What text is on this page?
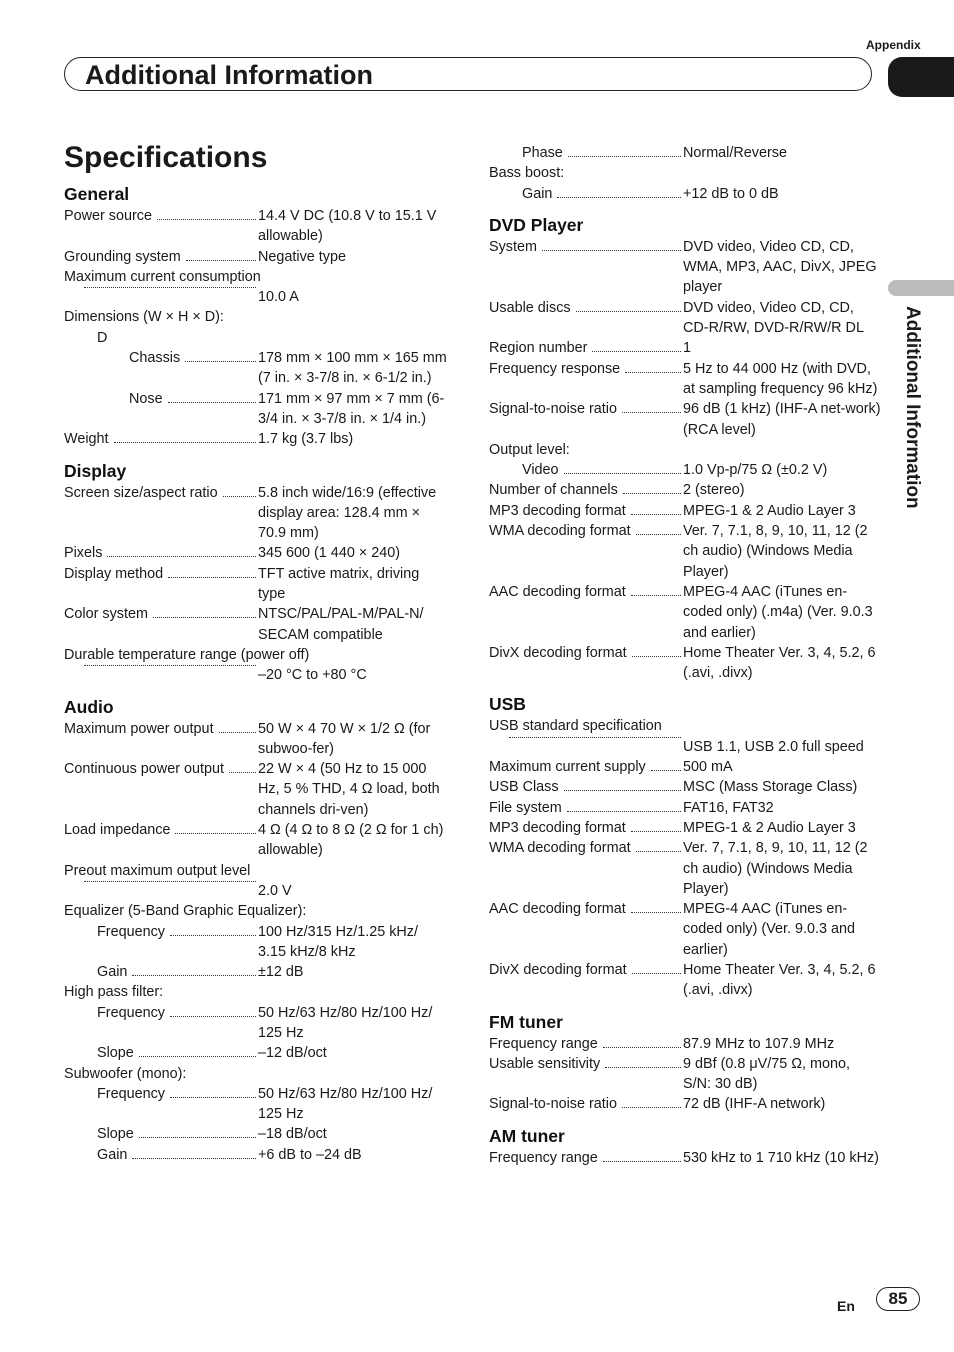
Appendix
Additional Information
Additional Information
Specifications
General
Power source	14.4 V DC (10.8 V to 15.1 V allowable)
Grounding system	Negative type
Maximum current consumption
10.0 A
Dimensions (W × H × D):
D
Chassis	178 mm × 100 mm × 165 mm (7 in. × 3-7/8 in. × 6-1/2 in.)
Nose	171 mm × 97 mm × 7 mm (6-3/4 in. × 3-7/8 in. × 1/4 in.)
Weight	1.7 kg (3.7 lbs)
Display
Screen size/aspect ratio	5.8 inch wide/16:9 (effective display area: 128.4 mm × 70.9 mm)
Pixels	345 600 (1 440 × 240)
Display method	TFT active matrix, driving type
Color system	NTSC/PAL/PAL-M/PAL-N/ SECAM compatible
Durable temperature range (power off)
–20 °C to +80 °C
Audio
Maximum power output	50 W × 4 70 W × 1/2 Ω (for subwoo-fer)
Continuous power output	22 W × 4 (50 Hz to 15 000 Hz, 5 % THD, 4 Ω load, both channels dri-ven)
Load impedance	4 Ω (4 Ω to 8 Ω (2 Ω for 1 ch) allowable)
Preout maximum output level
2.0 V
Equalizer (5-Band Graphic Equalizer):
Frequency	100 Hz/315 Hz/1.25 kHz/ 3.15 kHz/8 kHz
Gain	±12 dB
High pass filter:
Frequency	50 Hz/63 Hz/80 Hz/100 Hz/ 125 Hz
Slope	–12 dB/oct
Subwoofer (mono):
Frequency	50 Hz/63 Hz/80 Hz/100 Hz/ 125 Hz
Slope	–18 dB/oct
Gain	+6 dB to –24 dB
Phase	Normal/Reverse
Bass boost:
Gain	+12 dB to 0 dB
DVD Player
System	DVD video, Video CD, CD, WMA, MP3, AAC, DivX, JPEG player
Usable discs	DVD video, Video CD, CD, CD-R/RW, DVD-R/RW/R DL
Region number	1
Frequency response	5 Hz to 44 000 Hz (with DVD, at sampling frequency 96 kHz)
Signal-to-noise ratio	96 dB (1 kHz) (IHF-A net-work) (RCA level)
Output level:
Video	1.0 Vp-p/75 Ω (±0.2 V)
Number of channels	2 (stereo)
MP3 decoding format	MPEG-1 & 2 Audio Layer 3
WMA decoding format	Ver. 7, 7.1, 8, 9, 10, 11, 12 (2 ch audio) (Windows Media Player)
AAC decoding format	MPEG-4 AAC (iTunes en-coded only) (.m4a) (Ver. 9.0.3 and earlier)
DivX decoding format	Home Theater Ver. 3, 4, 5.2, 6 (.avi, .divx)
USB
USB standard specification
USB 1.1, USB 2.0 full speed
Maximum current supply	500 mA
USB Class	MSC (Mass Storage Class)
File system	FAT16, FAT32
MP3 decoding format	MPEG-1 & 2 Audio Layer 3
WMA decoding format	Ver. 7, 7.1, 8, 9, 10, 11, 12 (2 ch audio) (Windows Media Player)
AAC decoding format	MPEG-4 AAC (iTunes en-coded only) (Ver. 9.0.3 and earlier)
DivX decoding format	Home Theater Ver. 3, 4, 5.2, 6 (.avi, .divx)
FM tuner
Frequency range	87.9 MHz to 107.9 MHz
Usable sensitivity	9 dBf (0.8 μV/75 Ω, mono, S/N: 30 dB)
Signal-to-noise ratio	72 dB (IHF-A network)
AM tuner
Frequency range	530 kHz to 1 710 kHz (10 kHz)
En	85
